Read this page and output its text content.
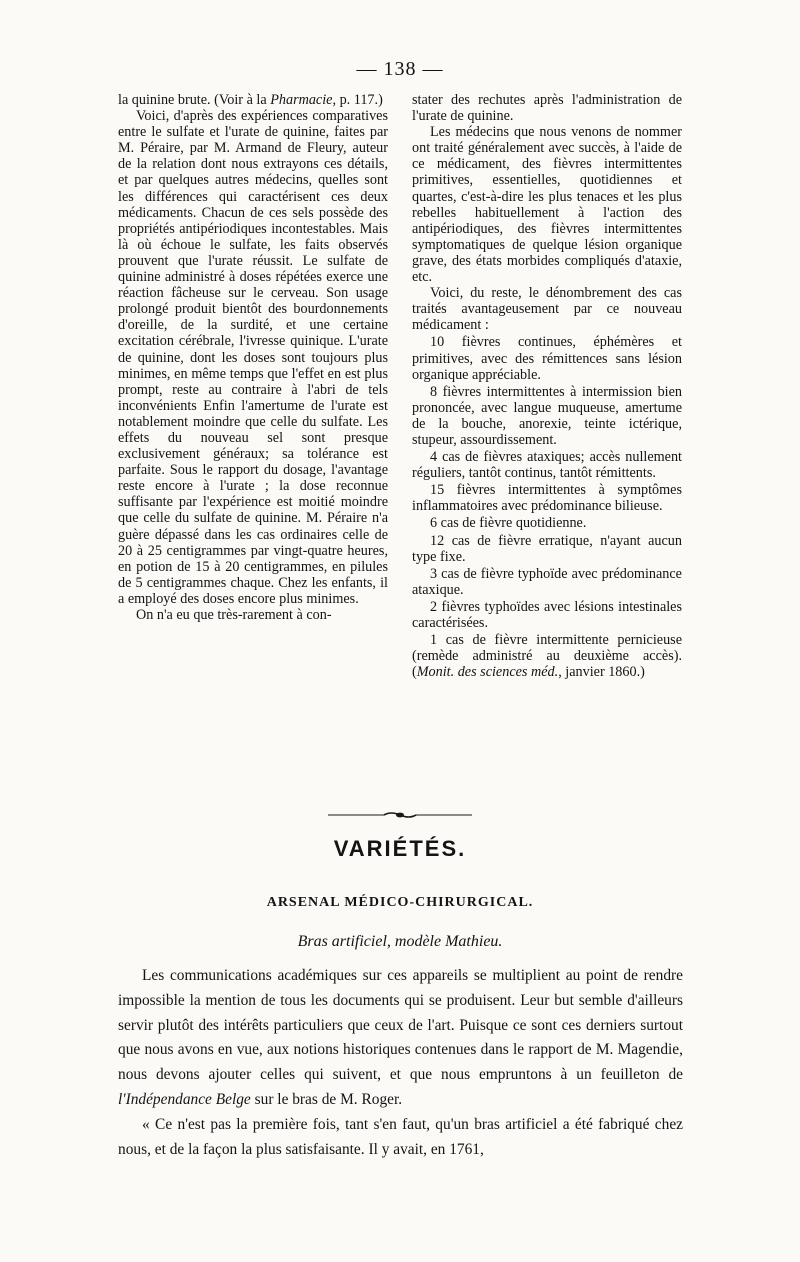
— 138 —

la quinine brute. (Voir à la Pharmacie, p. 117.)

Voici, d'après des expériences comparatives entre le sulfate et l'urate de quinine, faites par M. Péraire, par M. Armand de Fleury, auteur de la relation dont nous extrayons ces détails, et par quelques autres médecins, quelles sont les différences qui caractérisent ces deux médicaments. Chacun de ces sels possède des propriétés antipériodiques incontestables. Mais là où échoue le sulfate, les faits observés prouvent que l'urate réussit. Le sulfate de quinine administré à doses répétées exerce une réaction fâcheuse sur le cerveau. Son usage prolongé produit bientôt des bourdonnements d'oreille, de la surdité, et une certaine excitation cérébrale, l'ivresse quinique. L'urate de quinine, dont les doses sont toujours plus minimes, en même temps que l'effet en est plus prompt, reste au contraire à l'abri de tels inconvénients Enfin l'amertume de l'urate est notablement moindre que celle du sulfate. Les effets du nouveau sel sont presque exclusivement généraux; sa tolérance est parfaite. Sous le rapport du dosage, l'avantage reste encore à l'urate ; la dose reconnue suffisante par l'expérience est moitié moindre que celle du sulfate de quinine. M. Péraire n'a guère dépassé dans les cas ordinaires celle de 20 à 25 centigrammes par vingt-quatre heures, en potion de 15 à 20 centigrammes, en pilules de 5 centigrammes chaque. Chez les enfants, il a employé des doses encore plus minimes.

On n'a eu que très-rarement à con-

stater des rechutes après l'administration de l'urate de quinine.

Les médecins que nous venons de nommer ont traité généralement avec succès, à l'aide de ce médicament, des fièvres intermittentes primitives, essentielles, quotidiennes et quartes, c'est-à-dire les plus tenaces et les plus rebelles habituellement à l'action des antipériodiques, des fièvres intermittentes symptomatiques de quelque lésion organique grave, des états morbides compliqués d'ataxie, etc.

Voici, du reste, le dénombrement des cas traités avantageusement par ce nouveau médicament :

10 fièvres continues, éphémères et primitives, avec des rémittences sans lésion organique appréciable.

8 fièvres intermittentes à intermission bien prononcée, avec langue muqueuse, amertume de la bouche, anorexie, teinte ictérique, stupeur, assourdissement.

4 cas de fièvres ataxiques; accès nullement réguliers, tantôt continus, tantôt rémittents.

15 fièvres intermittentes à symptômes inflammatoires avec prédominance bilieuse.

6 cas de fièvre quotidienne.

12 cas de fièvre erratique, n'ayant aucun type fixe.

3 cas de fièvre typhoïde avec prédominance ataxique.

2 fièvres typhoïdes avec lésions intestinales caractérisées.

1 cas de fièvre intermittente pernicieuse (remède administré au deuxième accès). (Monit. des sciences méd., janvier 1860.)

VARIÉTÉS.
ARSENAL MÉDICO-CHIRURGICAL.
Bras artificiel, modèle Mathieu.

Les communications académiques sur ces appareils se multiplient au point de rendre impossible la mention de tous les documents qui se produisent. Leur but semble d'ailleurs servir plutôt des intérêts particuliers que ceux de l'art. Puisque ce sont ces derniers surtout que nous avons en vue, aux notions historiques contenues dans le rapport de M. Magendie, nous devons ajouter celles qui suivent, et que nous empruntons à un feuilleton de l'Indépendance Belge sur le bras de M. Roger.

« Ce n'est pas la première fois, tant s'en faut, qu'un bras artificiel a été fabriqué chez nous, et de la façon la plus satisfaisante. Il y avait, en 1761,
